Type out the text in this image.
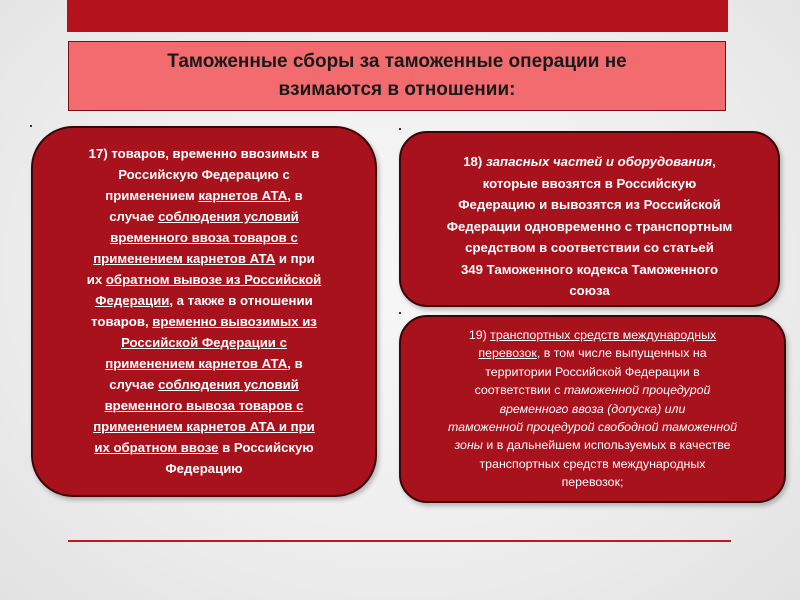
Таможенные сборы за таможенные операции не
взимаются в отношении:
17) товаров, временно ввозимых в
Российскую Федерацию с
применением карнетов АТА, в
случае соблюдения условий
временного ввоза товаров с
применением карнетов АТА и при
их обратном вывозе из Российской
Федерации, а также в отношении
товаров, временно вывозимых из
Российской Федерации с
применением карнетов АТА, в
случае соблюдения условий
временного вывоза товаров с
применением карнетов АТА и при
их обратном ввозе в Российскую
Федерацию
18) запасных частей и оборудования,
которые ввозятся в Российскую
Федерацию и вывозятся из Российской
Федерации одновременно с транспортным
средством в соответствии со статьей
349 Таможенного кодекса Таможенного
союза
19) транспортных средств международных
перевозок, в том числе выпущенных на
территории Российской Федерации в
соответствии с таможенной процедурой
временного ввоза (допуска) или
таможенной процедурой свободной таможенной
зоны и в дальнейшем используемых в качестве
транспортных средств международных
перевозок;
